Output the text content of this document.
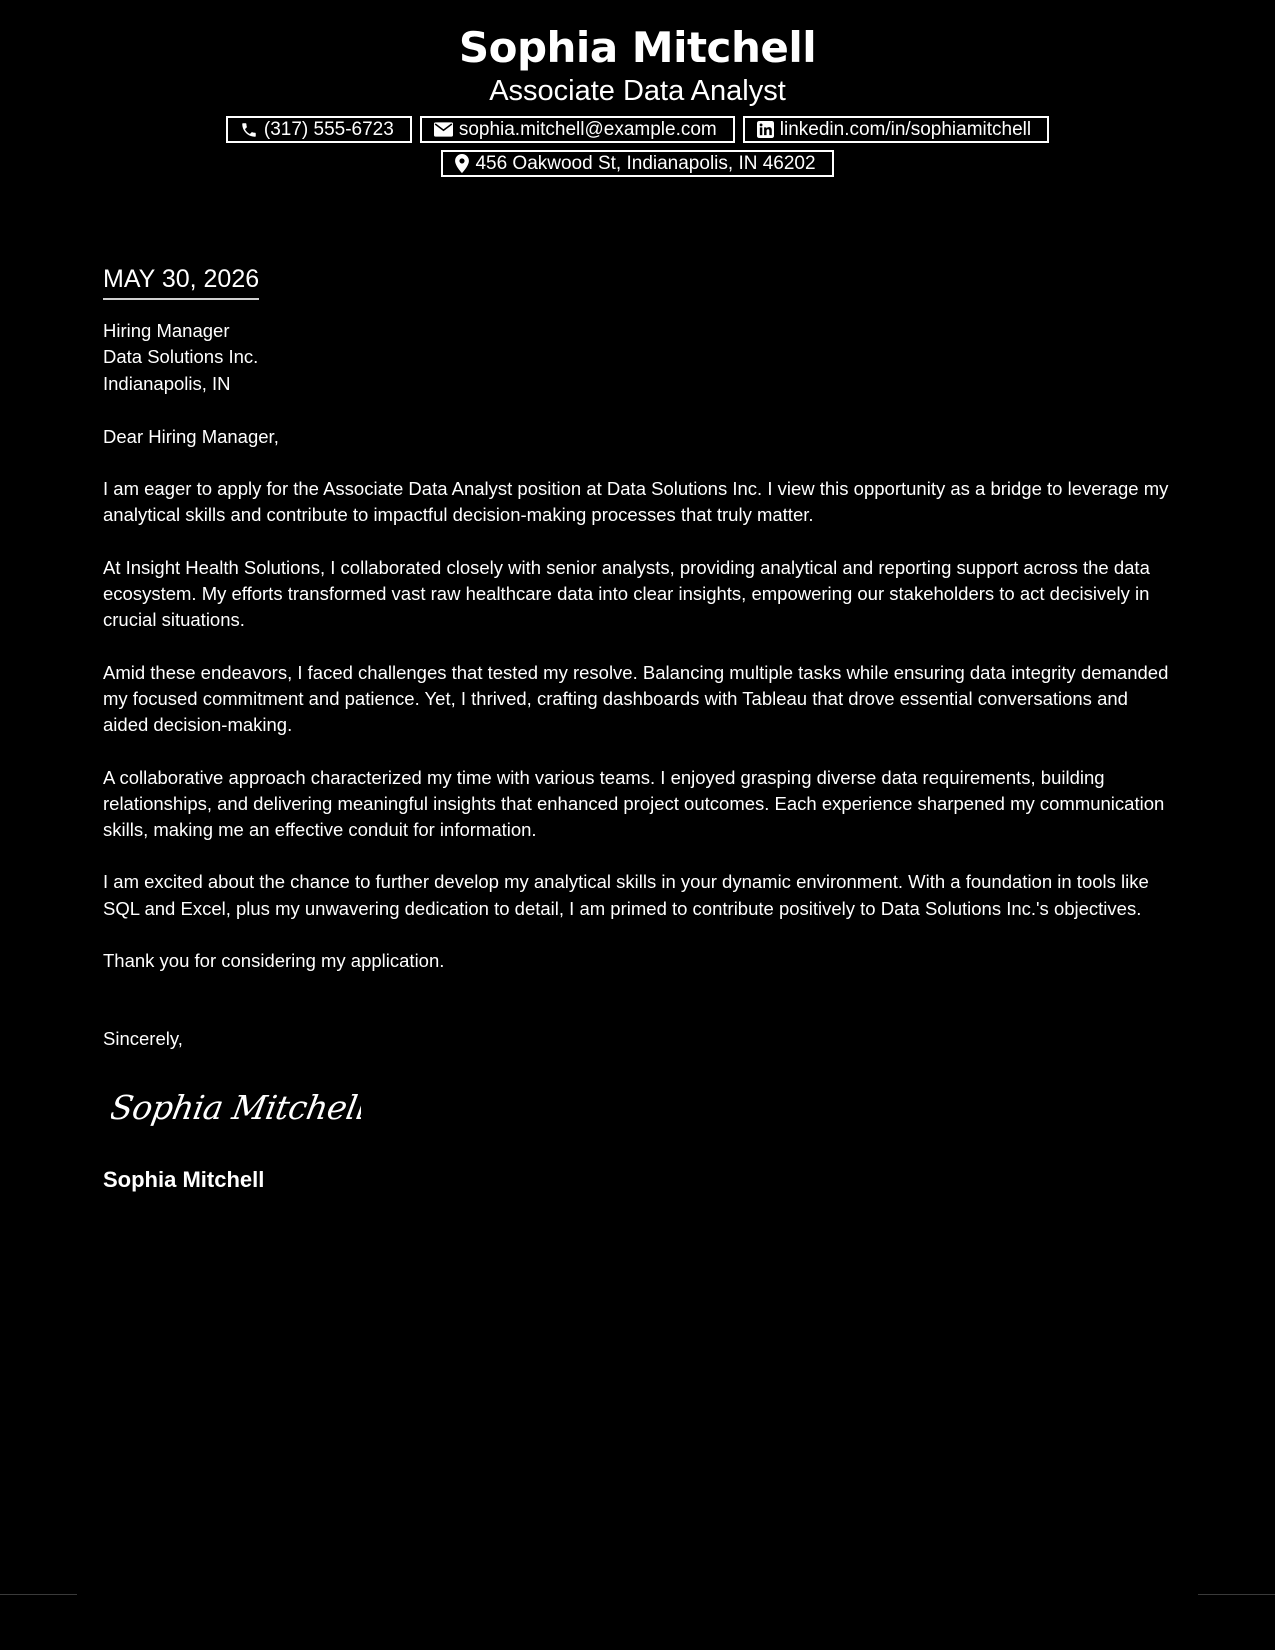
Sophia Mitchell
Associate Data Analyst
(317) 555-6723	sophia.mitchell@example.com	linkedin.com/in/sophiamitchell
456 Oakwood St, Indianapolis, IN 46202
MAY 30, 2026
Hiring Manager
Data Solutions Inc.
Indianapolis, IN
Dear Hiring Manager,

I am eager to apply for the Associate Data Analyst position at Data Solutions Inc. I view this opportunity as a bridge to leverage my analytical skills and contribute to impactful decision-making processes that truly matter.

At Insight Health Solutions, I collaborated closely with senior analysts, providing analytical and reporting support across the data ecosystem. My efforts transformed vast raw healthcare data into clear insights, empowering our stakeholders to act decisively in crucial situations.

Amid these endeavors, I faced challenges that tested my resolve. Balancing multiple tasks while ensuring data integrity demanded my focused commitment and patience. Yet, I thrived, crafting dashboards with Tableau that drove essential conversations and aided decision-making.

A collaborative approach characterized my time with various teams. I enjoyed grasping diverse data requirements, building relationships, and delivering meaningful insights that enhanced project outcomes. Each experience sharpened my communication skills, making me an effective conduit for information.

I am excited about the chance to further develop my analytical skills in your dynamic environment. With a foundation in tools like SQL and Excel, plus my unwavering dedication to detail, I am primed to contribute positively to Data Solutions Inc.'s objectives.

Thank you for considering my application.

Sincerely,
Sophia Mitchell
Sophia Mitchell
